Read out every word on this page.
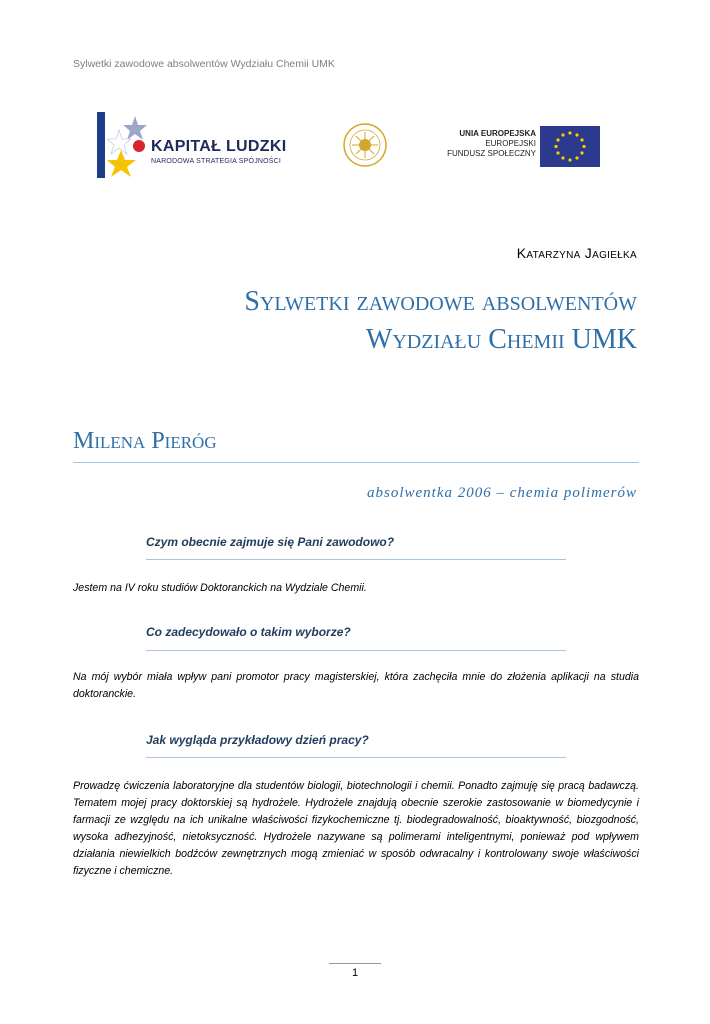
Sylwetki zawodowe absolwentów Wydziału Chemii UMK
KAPITAŁ LUDZKI
NARODOWA STRATEGIA SPÓJNOŚCI
UNIA EUROPEJSKA
EUROPEJSKI
FUNDUSZ SPOŁECZNY
Katarzyna Jagiełka
Sylwetki zawodowe absolwentów
Wydziału Chemii UMK
Milena Pieróg
absolwentka 2006 – chemia polimerów
Czym obecnie zajmuje się Pani zawodowo?
Jestem na IV roku studiów Doktoranckich na Wydziale Chemii.
Co zadecydowało o takim wyborze?
Na mój wybór miała wpływ pani promotor pracy magisterskiej, która zachęciła mnie do złożenia aplikacji na studia doktoranckie.
Jak wygląda przykładowy dzień pracy?
Prowadzę ćwiczenia laboratoryjne dla studentów biologii, biotechnologii i chemii. Ponadto zajmuję się pracą badawczą. Tematem mojej pracy doktorskiej są hydrożele. Hydrożele znajdują obecnie szerokie zastosowanie w biomedycynie i farmacji ze względu na ich unikalne właściwości fizykochemiczne tj. biodegradowalność, bioaktywność, biozgodność, wysoka adhezyjność, nietoksyczność. Hydrożele nazywane są polimerami inteligentnymi, ponieważ pod wpływem działania niewielkich bodźców zewnętrznych mogą zmieniać w sposób odwracalny i kontrolowany swoje właściwości fizyczne i chemiczne.
1
